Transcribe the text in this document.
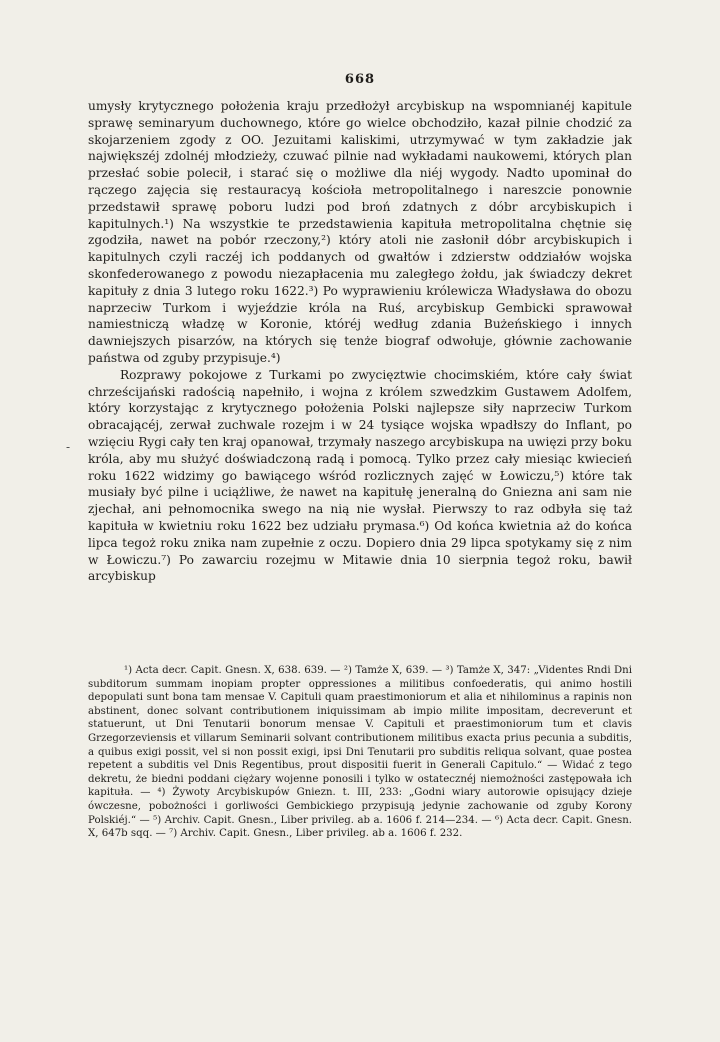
668
-

umysły krytycznego położenia kraju przedłożył arcybiskup na wspomnianéj kapitule sprawę seminaryum duchownego, które go wielce obchodziło, kazał pilnie chodzić za skojarzeniem zgody z OO. Jezuitami kaliskimi, utrzymywać w tym zakładzie jak największéj zdolnéj młodzieży, czuwać pilnie nad wykładami naukowemi, których plan przesłać sobie polecił, i starać się o możliwe dla niéj wygody. Nadto upominał do rączego zajęcia się restauracyą kościoła metropolitalnego i nareszcie ponownie przedstawił sprawę poboru ludzi pod broń zdatnych z dóbr arcybiskupich i kapitulnych.¹) Na wszystkie te przedstawienia kapituła metropolitalna chętnie się zgodziła, nawet na pobór rzeczony,²) który atoli nie zasłonił dóbr arcybiskupich i kapitulnych czyli raczéj ich poddanych od gwałtów i zdzierstw oddziałów wojska skonfederowanego z powodu niezapłacenia mu zaległego żołdu, jak świadczy dekret kapituły z dnia 3 lutego roku 1622.³) Po wyprawieniu królewicza Władysława do obozu naprzeciw Turkom i wyjeździe króla na Ruś, arcybiskup Gembicki sprawował namiestniczą władzę w Koronie, któréj według zdania Bużeńskiego i innych dawniejszych pisarzów, na których się tenże biograf odwołuje, głównie zachowanie państwa od zguby przypisuje.⁴)

Rozprawy pokojowe z Turkami po zwycięztwie chocimskiém, które cały świat chrześcijański radością napełniło, i wojna z królem szwedzkim Gustawem Adolfem, który korzystając z krytycznego położenia Polski najlepsze siły naprzeciw Turkom obracającéj, zerwał zuchwale rozejm i w 24 tysiące wojska wpadłszy do Inflant, po wzięciu Rygi cały ten kraj opanował, trzymały naszego arcybiskupa na uwięzi przy boku króla, aby mu służyć doświadczoną radą i pomocą. Tylko przez cały miesiąc kwiecień roku 1622 widzimy go bawiącego wśród rozlicznych zajęć w Łowiczu,⁵) które tak musiały być pilne i uciążliwe, że nawet na kapitułę jeneralną do Gniezna ani sam nie zjechał, ani pełnomocnika swego na nią nie wysłał. Pierwszy to raz odbyła się taż kapituła w kwietniu roku 1622 bez udziału prymasa.⁶) Od końca kwietnia aż do końca lipca tegoż roku znika nam zupełnie z oczu. Dopiero dnia 29 lipca spotykamy się z nim w Łowiczu.⁷) Po zawarciu rozejmu w Mitawie dnia 10 sierpnia tegoż roku, bawił arcybiskup

¹) Acta decr. Capit. Gnesn. X, 638. 639. — ²) Tamże X, 639. — ³) Tamże X, 347: „Videntes Rndi Dni subditorum summam inopiam propter oppressiones a militibus confoederatis, qui animo hostili depopulati sunt bona tam mensae V. Capituli quam praestimoniorum et alia et nihilominus a rapinis non abstinent, donec solvant contributionem iniquissimam ab impio milite impositam, decreverunt et statuerunt, ut Dni Tenutarii bonorum mensae V. Capituli et praestimoniorum tum et clavis Grzegorzeviensis et villarum Seminarii solvant contributionem militibus exacta prius pecunia a subditis, a quibus exigi possit, vel si non possit exigi, ipsi Dni Tenutarii pro subditis reliqua solvant, quae postea repetent a subditis vel Dnis Regentibus, prout dispositii fuerit in Generali Capitulo.“ — Widać z tego dekretu, że biedni poddani ciężary wojenne ponosili i tylko w ostatecznéj niemożności zastępowała ich kapituła. — ⁴) Żywoty Arcybiskupów Gniezn. t. III, 233: „Godni wiary autorowie opisujący dzieje ówczesne, pobożności i gorliwości Gembickiego przypisują jedynie zachowanie od zguby Korony Polskiéj.“ — ⁵) Archiv. Capit. Gnesn., Liber privileg. ab a. 1606 f. 214—234. — ⁶) Acta decr. Capit. Gnesn. X, 647b sqq. — ⁷) Archiv. Capit. Gnesn., Liber privileg. ab a. 1606 f. 232.
